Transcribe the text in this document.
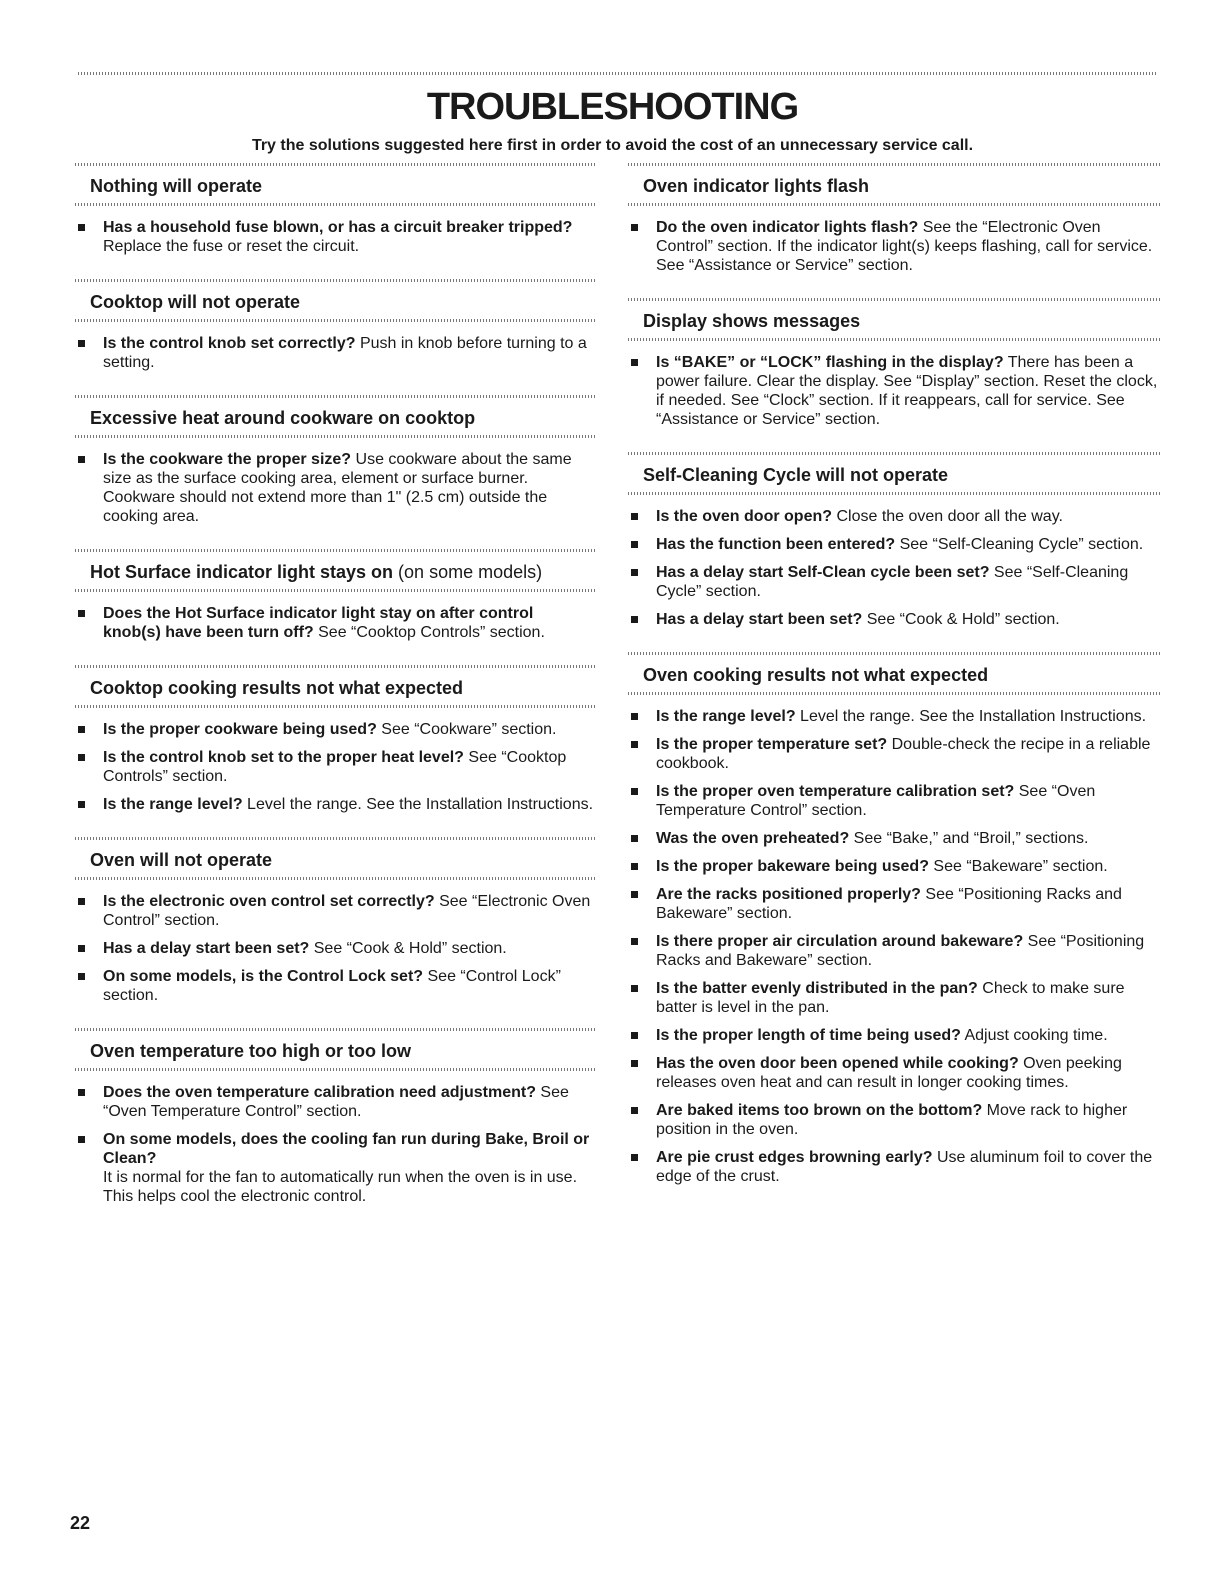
TROUBLESHOOTING

Try the solutions suggested here first in order to avoid the cost of an unnecessary service call.

Nothing will operate
Has a household fuse blown, or has a circuit breaker tripped? Replace the fuse or reset the circuit.
Cooktop will not operate
Is the control knob set correctly? Push in knob before turning to a setting.
Excessive heat around cookware on cooktop
Is the cookware the proper size? Use cookware about the same size as the surface cooking area, element or surface burner. Cookware should not extend more than 1" (2.5 cm) outside the cooking area.
Hot Surface indicator light stays on (on some models)
Does the Hot Surface indicator light stay on after control knob(s) have been turn off? See “Cooktop Controls” section.
Cooktop cooking results not what expected
Is the proper cookware being used? See “Cookware” section.
Is the control knob set to the proper heat level? See “Cooktop Controls” section.
Is the range level? Level the range. See the Installation Instructions.
Oven will not operate
Is the electronic oven control set correctly? See “Electronic Oven Control” section.
Has a delay start been set? See “Cook & Hold” section.
On some models, is the Control Lock set? See “Control Lock” section.
Oven temperature too high or too low
Does the oven temperature calibration need adjustment? See “Oven Temperature Control” section.
On some models, does the cooling fan run during Bake, Broil or Clean?
It is normal for the fan to automatically run when the oven is in use. This helps cool the electronic control.
Oven indicator lights flash
Do the oven indicator lights flash? See the “Electronic Oven Control” section. If the indicator light(s) keeps flashing, call for service. See “Assistance or Service” section.
Display shows messages
Is “BAKE” or “LOCK” flashing in the display? There has been a power failure. Clear the display. See “Display” section. Reset the clock, if needed. See “Clock” section. If it reappears, call for service. See “Assistance or Service” section.
Self-Cleaning Cycle will not operate
Is the oven door open? Close the oven door all the way.
Has the function been entered? See “Self-Cleaning Cycle” section.
Has a delay start Self-Clean cycle been set? See “Self-Cleaning Cycle” section.
Has a delay start been set? See “Cook & Hold” section.
Oven cooking results not what expected
Is the range level? Level the range. See the Installation Instructions.
Is the proper temperature set? Double-check the recipe in a reliable cookbook.
Is the proper oven temperature calibration set? See “Oven Temperature Control” section.
Was the oven preheated? See “Bake,” and “Broil,” sections.
Is the proper bakeware being used? See “Bakeware” section.
Are the racks positioned properly? See “Positioning Racks and Bakeware” section.
Is there proper air circulation around bakeware? See “Positioning Racks and Bakeware” section.
Is the batter evenly distributed in the pan? Check to make sure batter is level in the pan.
Is the proper length of time being used? Adjust cooking time.
Has the oven door been opened while cooking? Oven peeking releases oven heat and can result in longer cooking times.
Are baked items too brown on the bottom? Move rack to higher position in the oven.
Are pie crust edges browning early? Use aluminum foil to cover the edge of the crust.
22
